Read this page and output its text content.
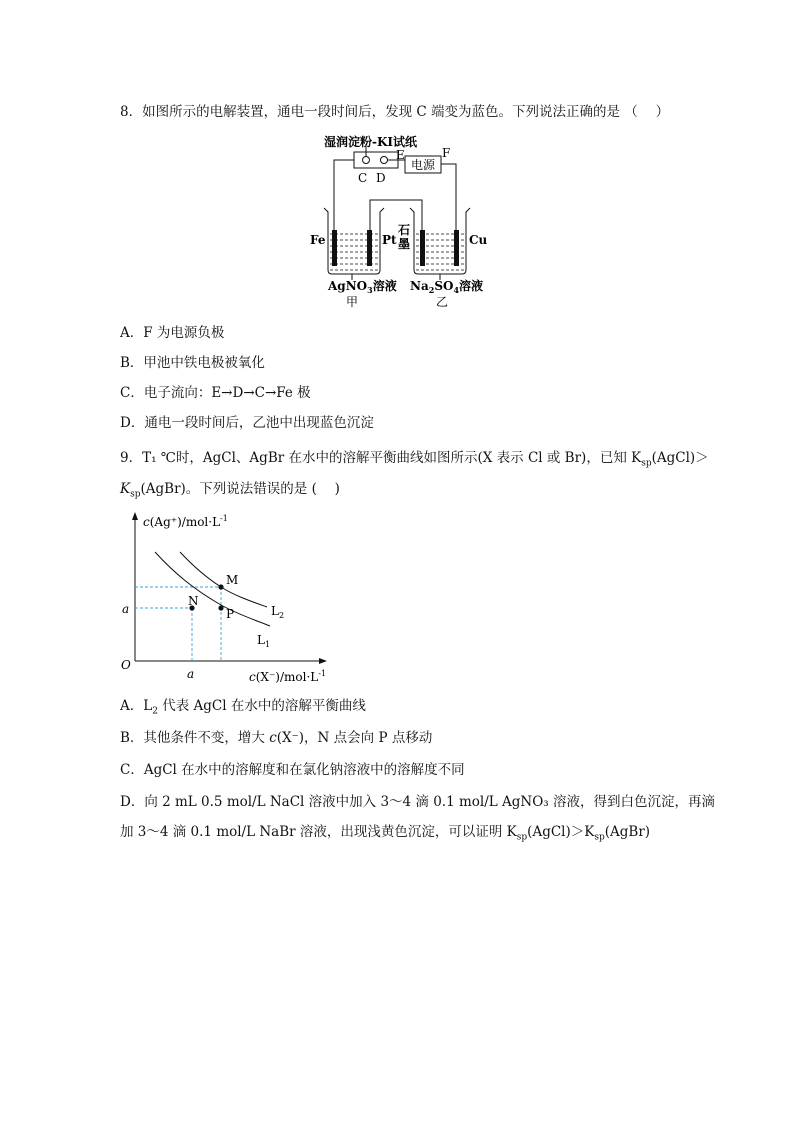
8．如图所示的电解装置，通电一段时间后，发现 C 端变为蓝色。下列说法正确的是 （　 ）
湿润淀粉-KI试纸
C D
电源
E	F
Fe	Pt
石
墨	Cu
AgNO$_3$溶液 $Na_2SO_4$溶液
甲	乙
A．F 为电源负极
B．甲池中铁电极被氧化
C．电子流向：E→D→C→Fe 极
D．通电一段时间后，乙池中出现蓝色沉淀
9．T₁ ℃时，AgCl、AgBr 在水中的溶解平衡曲线如图所示(X 表示 Cl 或 Br)，已知 $K_{sp}(AgCl)>$
$K_{sp}(AgBr)$。下列说法错误的是 (　 )
$c(Ag^+)/mol\cdot L^{-1}$
$c(X^-)/mol\cdot L^{-1}$
O
a
a
M
N
P	$L_2$
$L_1$
A．$L_2$ 代表 AgCl 在水中的溶解平衡曲线
B．其他条件不变，增大 c(X⁻)，N 点会向 P 点移动
C．AgCl 在水中的溶解度和在氯化钠溶液中的溶解度不同
D．向 2 mL 0.5 mol/L NaCl 溶液中加入 3～4 滴 0.1 mol/L AgNO₃ 溶液，得到白色沉淀，再滴
加 3～4 滴 0.1 mol/L NaBr 溶液，出现浅黄色沉淀，可以证明 $K_{sp}(AgCl)>K_{sp}(AgBr)$
